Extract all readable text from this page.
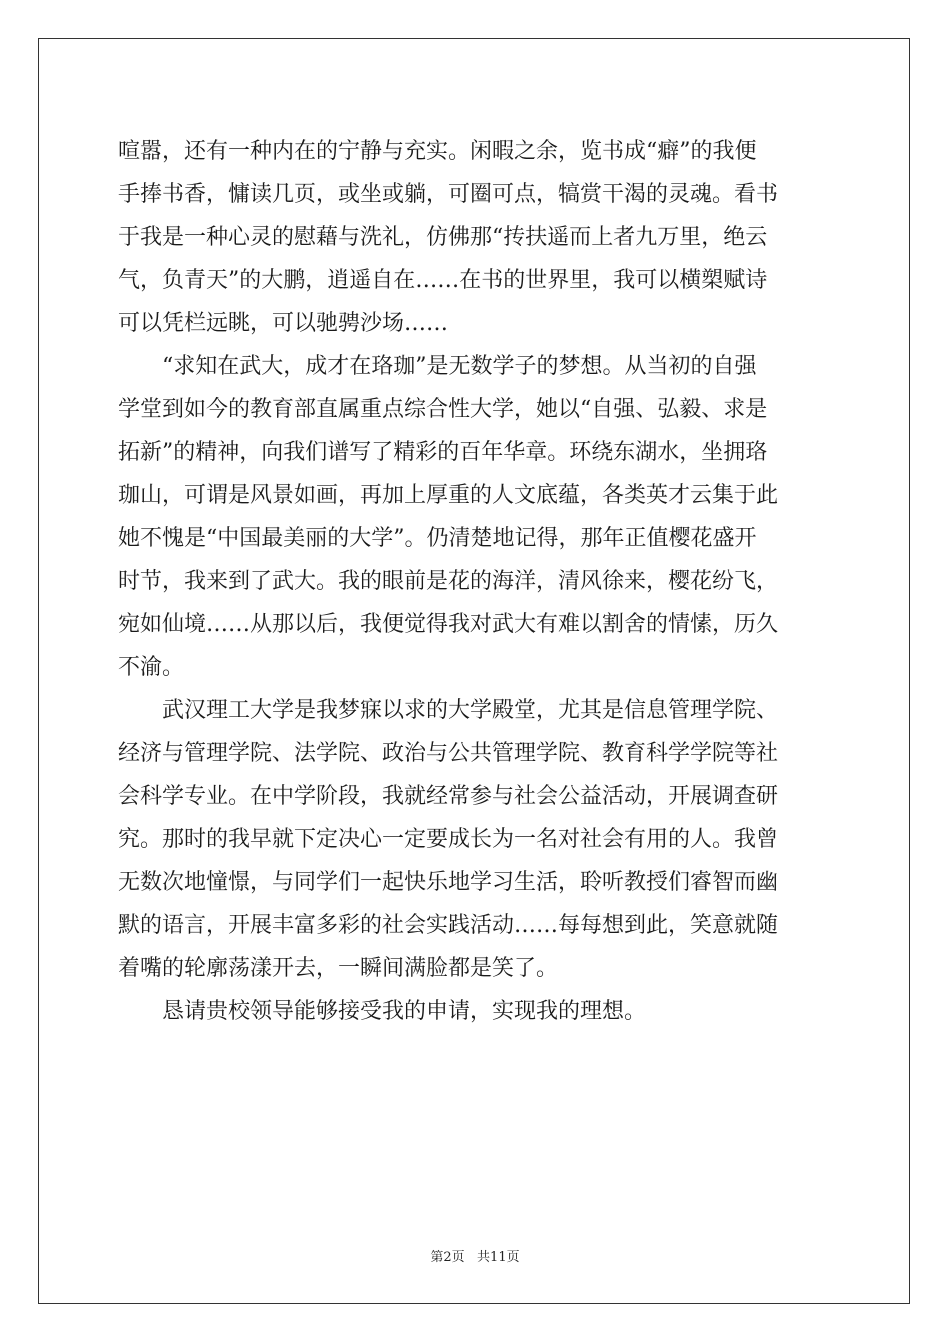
喧嚣，还有一种内在的宁静与充实。闲暇之余，览书成“癖”的我便

手捧书香，慵读几页，或坐或躺，可圈可点，犒赏干渴的灵魂。看书

于我是一种心灵的慰藉与洗礼，仿佛那“抟扶遥而上者九万里，绝云

气，负青天”的大鹏，逍遥自在……在书的世界里，我可以横槊赋诗

可以凭栏远眺，可以驰骋沙场……

　　“求知在武大，成才在珞珈”是无数学子的梦想。从当初的自强

学堂到如今的教育部直属重点综合性大学，她以“自强、弘毅、求是

拓新”的精神，向我们谱写了精彩的百年华章。环绕东湖水，坐拥珞

珈山，可谓是风景如画，再加上厚重的人文底蕴，各类英才云集于此

她不愧是“中国最美丽的大学”。仍清楚地记得，那年正值樱花盛开

时节，我来到了武大。我的眼前是花的海洋，清风徐来，樱花纷飞，

宛如仙境……从那以后，我便觉得我对武大有难以割舍的情愫，历久

不渝。

　　武汉理工大学是我梦寐以求的大学殿堂，尤其是信息管理学院、

经济与管理学院、法学院、政治与公共管理学院、教育科学学院等社

会科学专业。在中学阶段，我就经常参与社会公益活动，开展调查研

究。那时的我早就下定决心一定要成长为一名对社会有用的人。我曾

无数次地憧憬，与同学们一起快乐地学习生活，聆听教授们睿智而幽

默的语言，开展丰富多彩的社会实践活动……每每想到此，笑意就随

着嘴的轮廓荡漾开去，一瞬间满脸都是笑了。

　　恳请贵校领导能够接受我的申请，实现我的理想。

第2页   共11页
